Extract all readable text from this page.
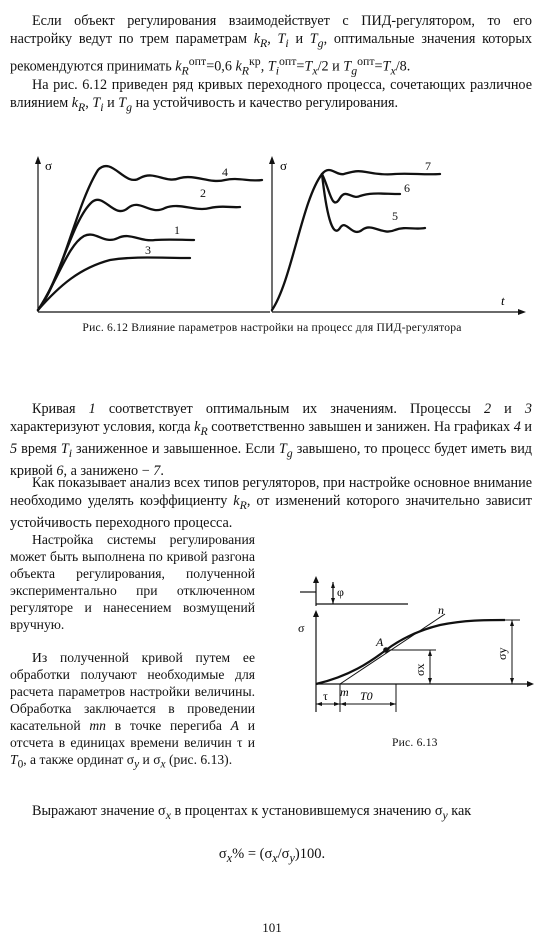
Если объект регулирования взаимодействует с ПИД-регулятором, то его настройку ведут по трем параметрам $k_R$, $T_i$ и $T_g$, оптимальные значения которых рекомендуются принимать $k_R^{опт}=0,6$ $k_R^{кр}$, $T_i^{опт}=T_x/2$ и $T_g^{опт}=T_x/8$.

На рис. 6.12 приведен ряд кривых переходного процесса, сочетающих различное влиянием $k_R$, $T_i$ и $T_g$ на устойчивость и качество регулирования.

σ	σ
t
4
2
1
3
7
6
5
Рис. 6.12 Влияние параметров настройки на процесс для ПИД-регулятора

Кривая 1 соответствует оптимальным их значениям. Процессы 2 и 3 характеризуют условия, когда $k_R$ соответственно завышен и занижен. На графиках 4 и 5 время $T_i$ заниженное и завышенное. Если $T_g$ завышено, то процесс будет иметь вид кривой 6, а занижено − 7.

Как показывает анализ всех типов регуляторов, при настройке основное внимание необходимо уделять коэффициенту $k_R$, от изменений которого значительно зависит устойчивость переходного процесса.

Настройка системы регулирования может быть выполнена по кривой разгона объекта регулирования, полученной экспериментально при отключенном регуляторе и нанесением возмущений вручную.

Из полученной кривой путем ее обработки получают необходимые для расчета параметров настройки величины. Обработка заключается в проведении касательной mn в точке перегиба A и отсчета в единицах времени величин τ и $T_0$, а также ординат $\sigma_y$ и $\sigma_x$ (рис. 6.13).

φ
σ
A
n
m
σx
σy
τ	T0
Рис. 6.13

Выражают значение $\sigma_x$ в процентах к установившемуся значению $\sigma_y$ как

$\sigma_x\% = (\sigma_x/\sigma_y)100$.
101
